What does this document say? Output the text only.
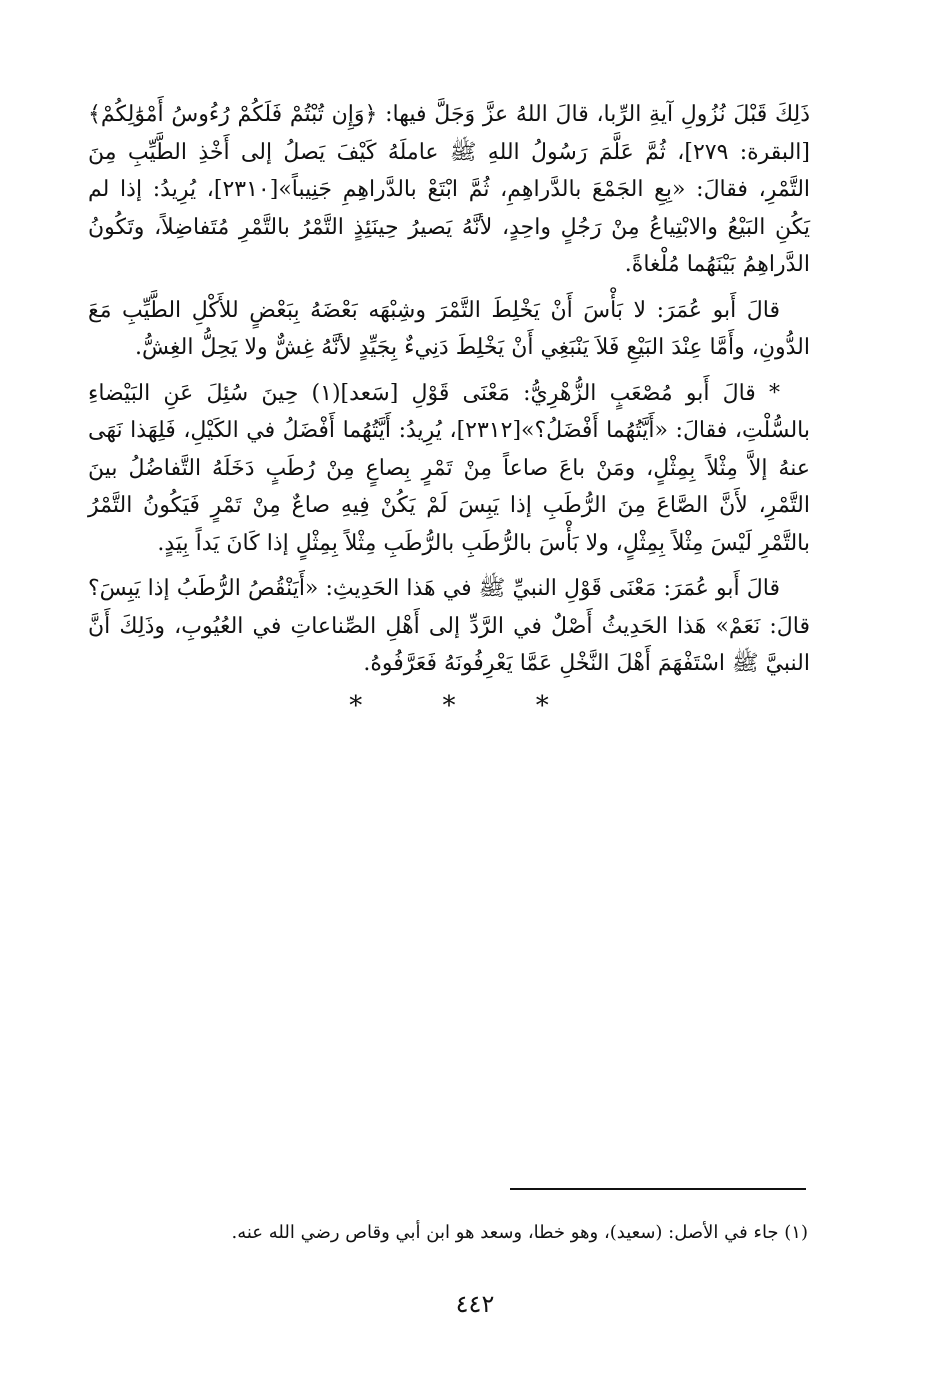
ذَلِكَ قَبْلَ نُزُولِ آيةِ الرِّبا، قالَ اللهُ عزَّ وَجَلَّ فيها: ﴿وَإِن تُبْتُمْ فَلَكُمْ رُءُوسُ أَمْوَٰلِكُمْ﴾[البقرة: ٢٧٩]، ثُمَّ عَلَّمَ رَسُولُ اللهِ ﷺ عاملَهُ كَيْفَ يَصلُ إلى أَخْذِ الطَّيِّبِ مِنَ التَّمْرِ، فقالَ: «بِعِ الجَمْعَ بالدَّراهِمِ، ثُمَّ ابْتَعْ بالدَّراهِمِ جَنِيباً»[٢٣١٠]، يُرِيدُ: إذا لم يَكُنِ البَيْعُ والابْتِياعُ مِنْ رَجُلٍ واحِدٍ، لأنَّهُ يَصيرُ حِينَئِذٍ التَّمْرُ بالتَّمْرِ مُتَفاضِلاً، وتَكُونُ الدَّراهِمُ بَيْنَهُما مُلْغاةً.

قالَ أَبو عُمَرَ: لا بَأْسَ أَنْ يَخْلِطَ التَّمْرَ وشِبْهَه بَعْضَهُ بِبَعْضٍ للأَكْلِ الطَّيِّبِ مَعَ الدُّونِ، وأَمَّا عِنْدَ البَيْعِ فَلاَ يَنْبَغِي أَنْ يَخْلِطَ دَنِيءٌ بِجَيِّدٍ لأنَّهُ غِشٌّ ولا يَحِلُّ الغِشُّ.

* قالَ أَبو مُصْعَبٍ الزُّهْرِيُّ: مَعْنَى قَوْلِ [سَعد](١) حِينَ سُئِلَ عَنِ البَيْضاءِ بالسُّلْتِ، فقالَ: «أَيَّتُهُما أَفْضَلُ؟»[٢٣١٢]، يُرِيدُ: أَيَّتُهُما أَفْضَلُ في الكَيْلِ، فَلِهَذا نَهَى عنهُ إلاَّ مِثْلاً بِمِثْلٍ، ومَنْ باعَ صاعاً مِنْ تَمْرٍ بِصاعٍ مِنْ رُطَبٍ دَخَلَهُ التَّفاضُلُ بينَ التَّمْرِ، لأَنَّ الصَّاعَ مِنَ الرُّطَبِ إذا يَبِسَ لَمْ يَكُنْ فِيهِ صاعٌ مِنْ تَمْرٍ فَيَكُونُ التَّمْرُ بالتَّمْرِ لَيْسَ مِثْلاً بِمِثْلٍ، ولا بَأْسَ بالرُّطَبِ بالرُّطَبِ مِثْلاً بِمِثْلٍ إذا كَانَ يَداً بِيَدٍ.

قالَ أَبو عُمَرَ: مَعْنَى قَوْلِ النبيِّ ﷺ في هَذا الحَدِيثِ: «أَيَنْقُصُ الرُّطَبُ إذا يَبِسَ؟ قالَ: نَعَمْ» هَذا الحَدِيثُ أَصْلٌ في الرَّدِّ إلى أَهْلِ الصِّناعاتِ في العُيُوبِ، وذَلِكَ أَنَّ النبيَّ ﷺ اسْتَفْهَمَ أَهْلَ النَّخْلِ عَمَّا يَعْرِفُونَهُ فَعَرَّفُوهُ.

* * *
(١) جاء في الأصل: (سعيد)، وهو خطا، وسعد هو ابن أبي وقاص رضي الله عنه.
٤٤٢
